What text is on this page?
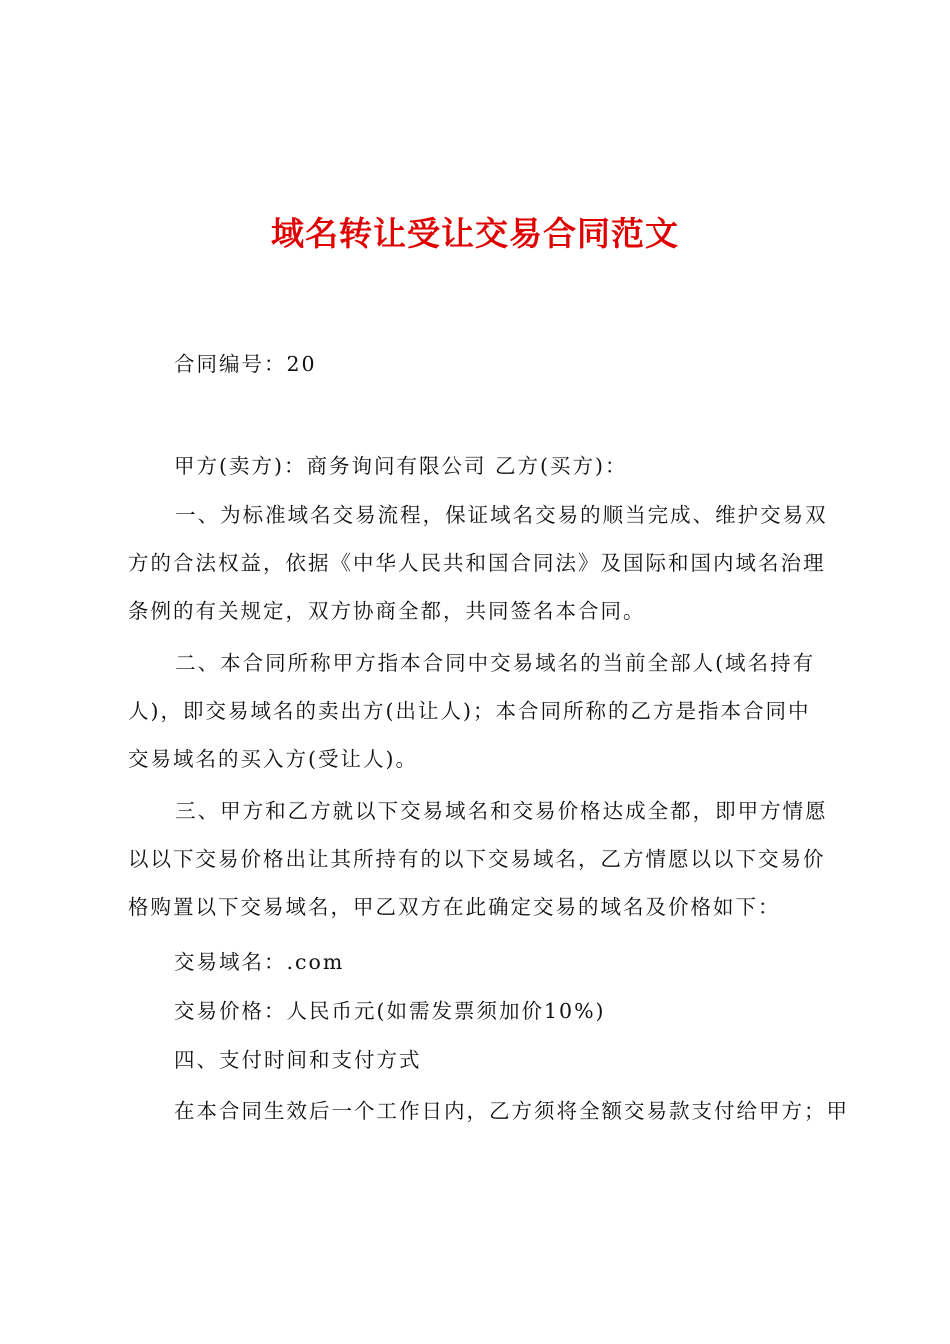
域名转让受让交易合同范文

合同编号：20

甲方(卖方)：商务询问有限公司 乙方(买方)：

一、为标准域名交易流程，保证域名交易的顺当完成、维护交易双方的合法权益，依据《中华人民共和国合同法》及国际和国内域名治理条例的有关规定，双方协商全都，共同签名本合同。

二、本合同所称甲方指本合同中交易域名的当前全部人(域名持有人)，即交易域名的卖出方(出让人)；本合同所称的乙方是指本合同中交易域名的买入方(受让人)。

三、甲方和乙方就以下交易域名和交易价格达成全都，即甲方情愿以以下交易价格出让其所持有的以下交易域名，乙方情愿以以下交易价格购置以下交易域名，甲乙双方在此确定交易的域名及价格如下：

交易域名：.com

交易价格：人民币元(如需发票须加价10%)

四、支付时间和支付方式

在本合同生效后一个工作日内，乙方须将全额交易款支付给甲方；甲
